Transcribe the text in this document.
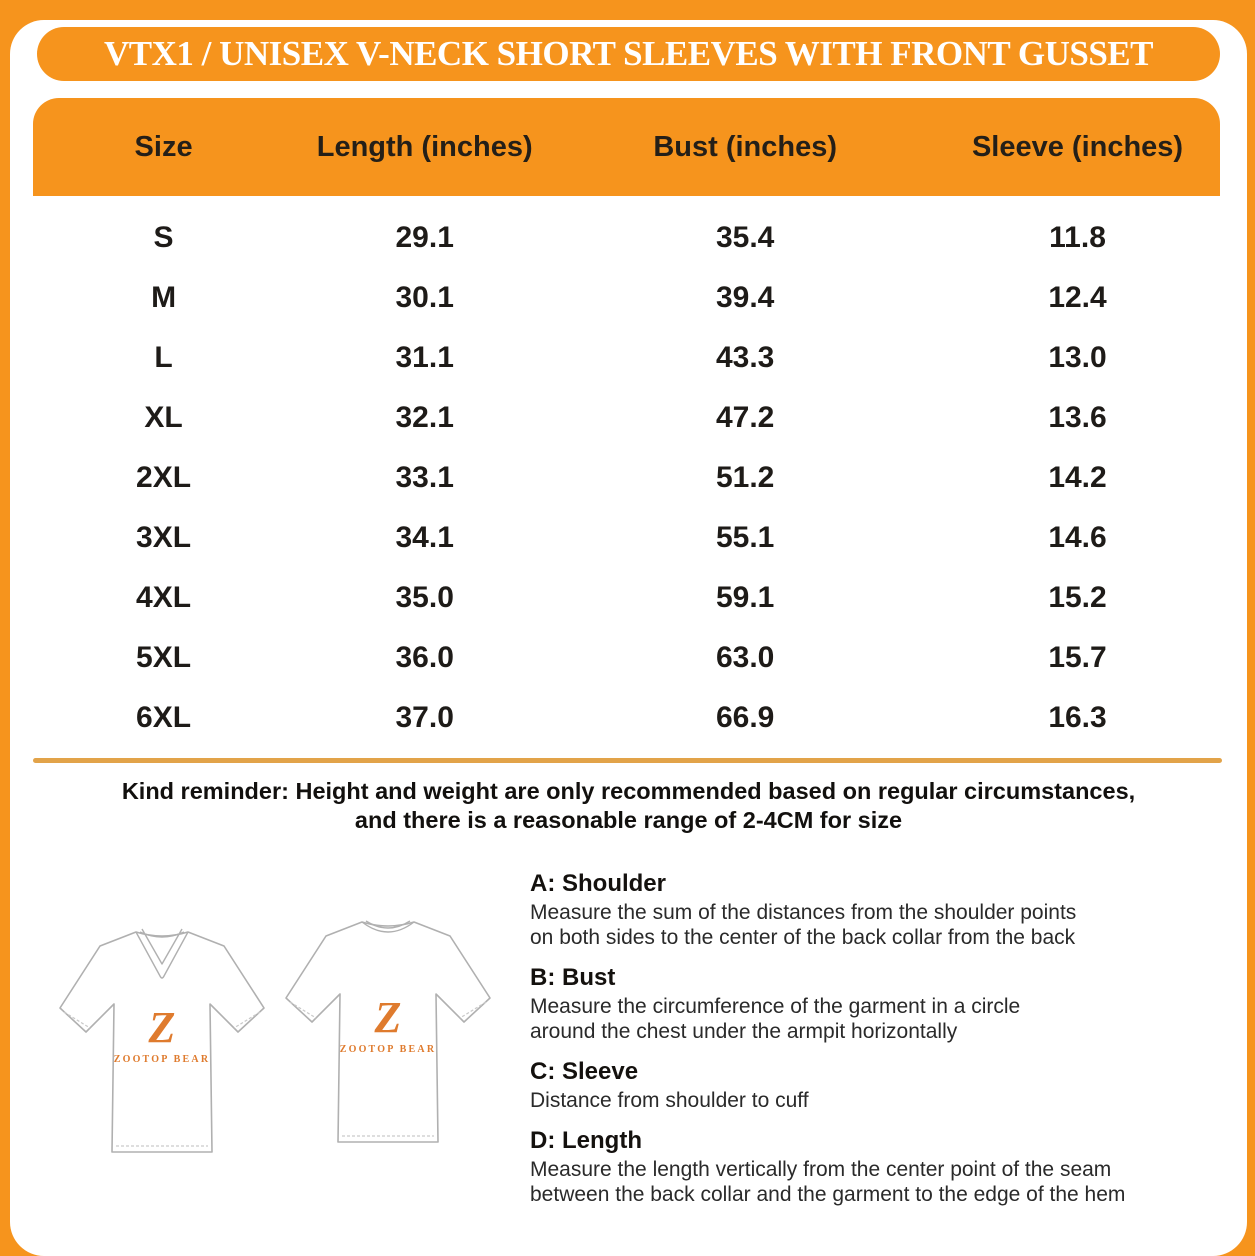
VTX1 / UNISEX V-NECK SHORT SLEEVES WITH FRONT GUSSET
Size	Length (inches)	Bust (inches)	Sleeve (inches)
S	29.1	35.4	11.8
M	30.1	39.4	12.4
L	31.1	43.3	13.0
XL	32.1	47.2	13.6
2XL	33.1	51.2	14.2
3XL	34.1	55.1	14.6
4XL	35.0	59.1	15.2
5XL	36.0	63.0	15.7
6XL	37.0	66.9	16.3
Kind reminder: Height and weight are only recommended based on regular circumstances,
and there is a reasonable range of 2-4CM for size
Z
ZOOTOP BEAR
Z
ZOOTOP BEAR
A: Shoulder
Measure the sum of the distances from the shoulder points
on both sides to the center of the back collar from the back
B: Bust
Measure the circumference of the garment in a circle
around the chest under the armpit horizontally
C: Sleeve
Distance from shoulder to cuff
D: Length
Measure the length vertically from the center point of the seam
between the back collar and the garment to the edge of the hem
